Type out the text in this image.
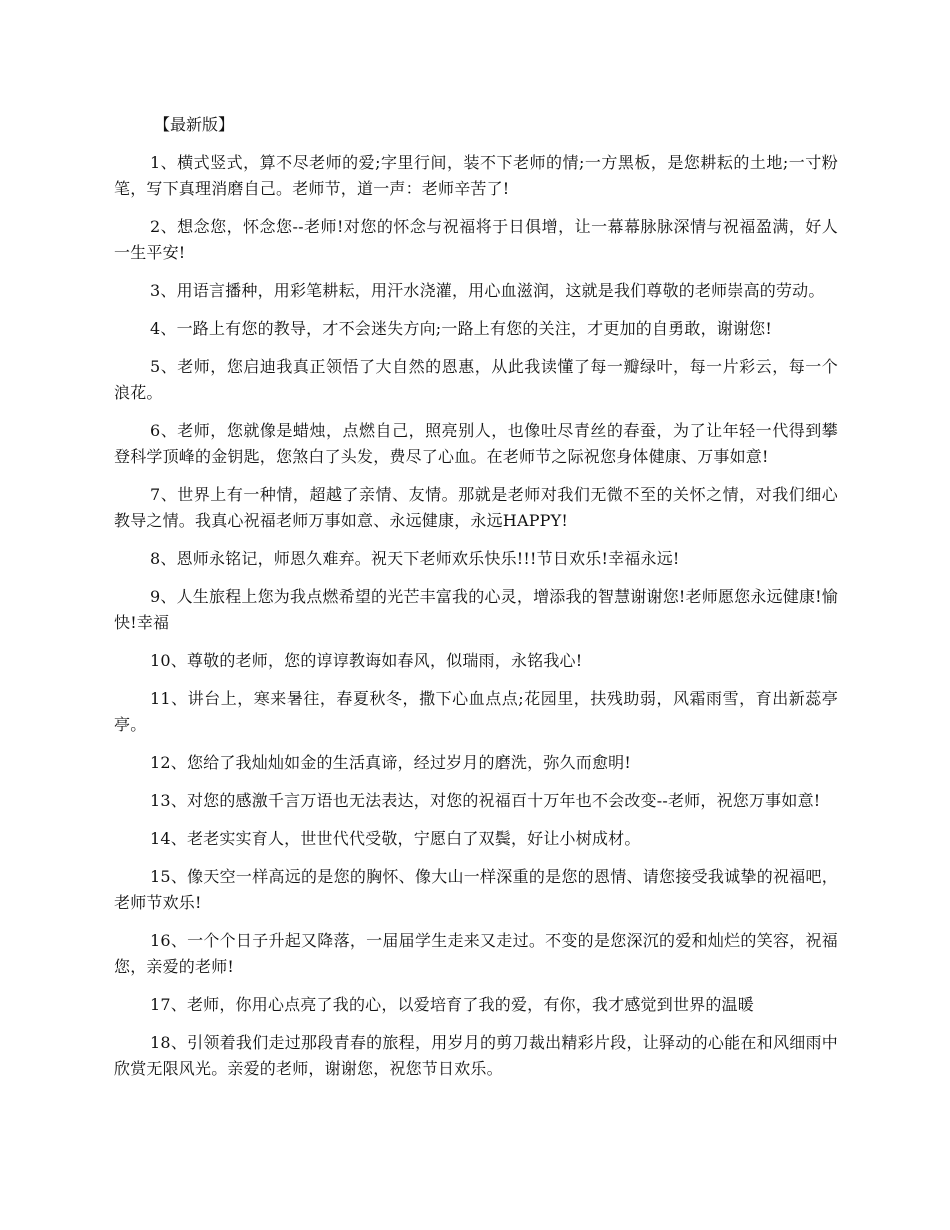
【最新版】

1、横式竖式，算不尽老师的爱;字里行间，装不下老师的情;一方黑板，是您耕耘的土地;一寸粉笔，写下真理消磨自己。老师节，道一声：老师辛苦了!

2、想念您，怀念您--老师!对您的怀念与祝福将于日俱增，让一幕幕脉脉深情与祝福盈满，好人一生平安!

3、用语言播种，用彩笔耕耘，用汗水浇灌，用心血滋润，这就是我们尊敬的老师崇高的劳动。

4、一路上有您的教导，才不会迷失方向;一路上有您的关注，才更加的自勇敢，谢谢您!

5、老师，您启迪我真正领悟了大自然的恩惠，从此我读懂了每一瓣绿叶，每一片彩云，每一个浪花。

6、老师，您就像是蜡烛，点燃自己，照亮别人，也像吐尽青丝的春蚕，为了让年轻一代得到攀登科学顶峰的金钥匙，您煞白了头发，费尽了心血。在老师节之际祝您身体健康、万事如意!

7、世界上有一种情，超越了亲情、友情。那就是老师对我们无微不至的关怀之情，对我们细心教导之情。我真心祝福老师万事如意、永远健康，永远HAPPY!

8、恩师永铭记，师恩久难弃。祝天下老师欢乐快乐!!!节日欢乐!幸福永远!

9、人生旅程上您为我点燃希望的光芒丰富我的心灵，增添我的智慧谢谢您!老师愿您永远健康!愉快!幸福

10、尊敬的老师，您的谆谆教诲如春风，似瑞雨，永铭我心!

11、讲台上，寒来暑往，春夏秋冬，撒下心血点点;花园里，扶残助弱，风霜雨雪，育出新蕊亭亭。

12、您给了我灿灿如金的生活真谛，经过岁月的磨洗，弥久而愈明!

13、对您的感激千言万语也无法表达，对您的祝福百十万年也不会改变--老师，祝您万事如意!

14、老老实实育人，世世代代受敬，宁愿白了双鬓，好让小树成材。

15、像天空一样高远的是您的胸怀、像大山一样深重的是您的恩情、请您接受我诚挚的祝福吧，老师节欢乐!

16、一个个日子升起又降落，一届届学生走来又走过。不变的是您深沉的爱和灿烂的笑容，祝福您，亲爱的老师!

17、老师，你用心点亮了我的心，以爱培育了我的爱，有你，我才感觉到世界的温暖

18、引领着我们走过那段青春的旅程，用岁月的剪刀裁出精彩片段，让驿动的心能在和风细雨中欣赏无限风光。亲爱的老师，谢谢您，祝您节日欢乐。
